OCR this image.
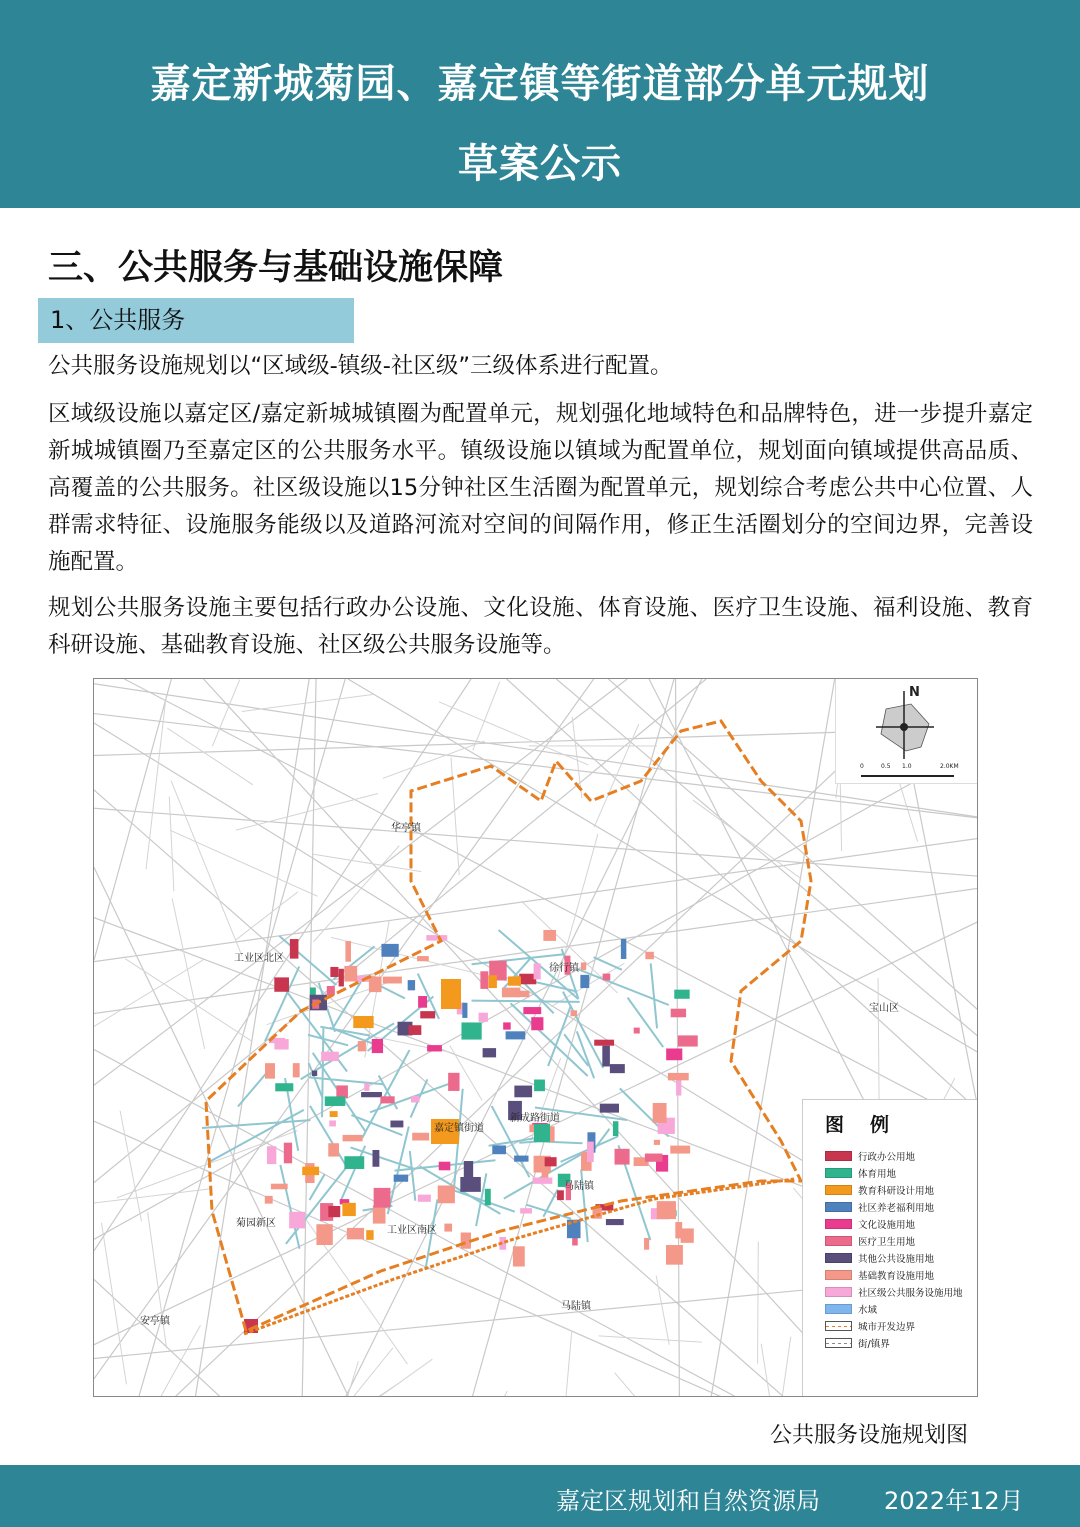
嘉定新城菊园、嘉定镇等街道部分单元规划
草案公示
三、公共服务与基础设施保障
1、公共服务
公共服务设施规划以“区域级-镇级-社区级”三级体系进行配置。
区域级设施以嘉定区/嘉定新城城镇圈为配置单元，规划强化地域特色和品牌特色，进一步提升嘉定新城城镇圈乃至嘉定区的公共服务水平。镇级设施以镇域为配置单位，规划面向镇域提供高品质、高覆盖的公共服务。社区级设施以15分钟社区生活圈为配置单元，规划综合考虑公共中心位置、人群需求特征、设施服务能级以及道路河流对空间的间隔作用，修正生活圈划分的空间边界，完善设施配置。
规划公共服务设施主要包括行政办公设施、文化设施、体育设施、医疗卫生设施、福利设施、教育科研设施、基础教育设施、社区级公共服务设施等。
华亭镇
工业区北区
徐行镇
宝山区
嘉定镇街道
新成路街道
马陆镇
菊园新区
工业区南区
安亭镇
马陆镇
N
0	0.5 1.0	2.0KM
图例
行政办公用地
体育用地
教育科研设计用地
社区养老福利用地
文化设施用地
医疗卫生用地
其他公共设施用地
基础教育设施用地
社区级公共服务设施用地
水域
城市开发边界
街/镇界
公共服务设施规划图
嘉定区规划和自然资源局	2022年12月
